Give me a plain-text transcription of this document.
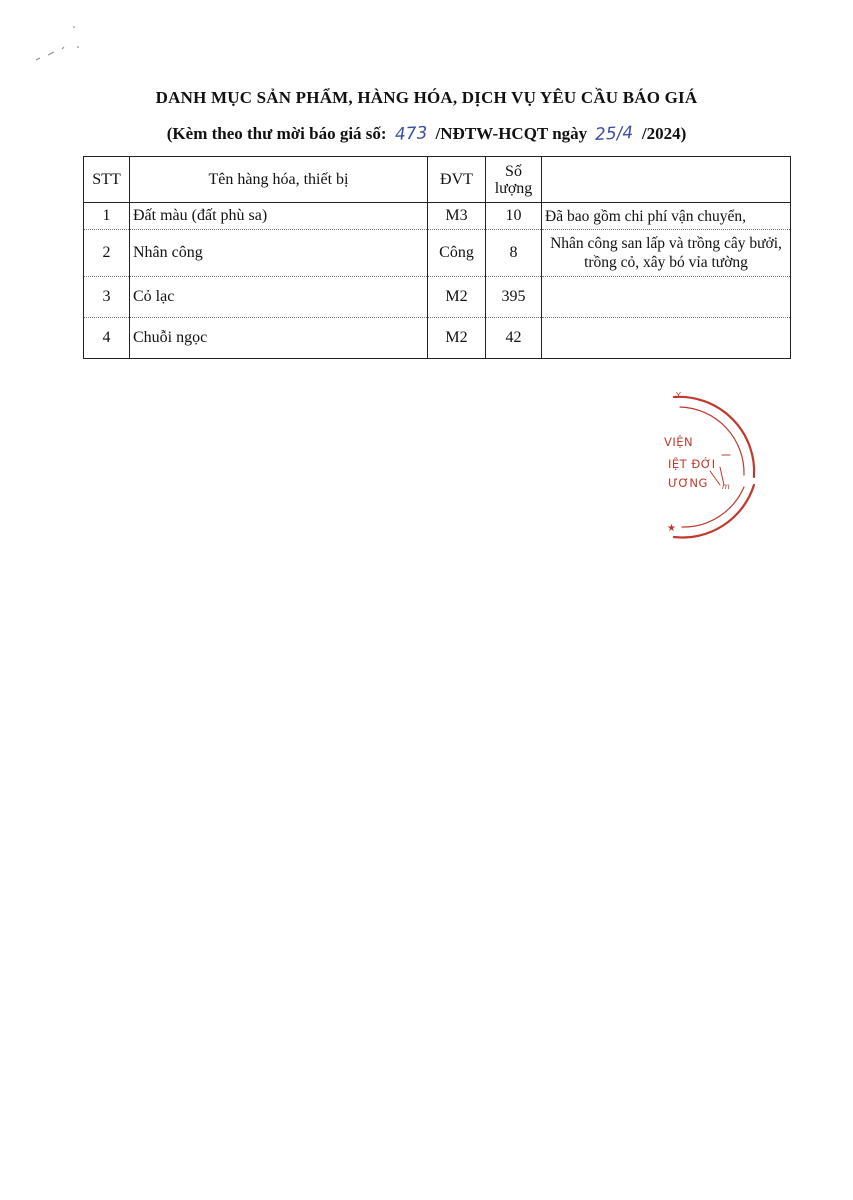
DANH MỤC SẢN PHẨM, HÀNG HÓA, DỊCH VỤ YÊU CẦU BÁO GIÁ
(Kèm theo thư mời báo giá số: 473 /NĐTW-HCQT ngày 25/4 /2024)
STT	Tên hàng hóa, thiết bị	ĐVT	Số
lượng	

1	Đất màu (đất phù sa)	M3	10	Đã bao gồm chi phí vận chuyển,
2	Nhân công	Công	8	Nhân công san lấp và trồng cây bưởi, trồng cỏ, xây bó vỉa tường
3	Cỏ lạc	M2	395	
4	Chuỗi ngọc	M2	42	
Y
★
m
VIỆN
IỆT ĐỚI
ƯƠNG
